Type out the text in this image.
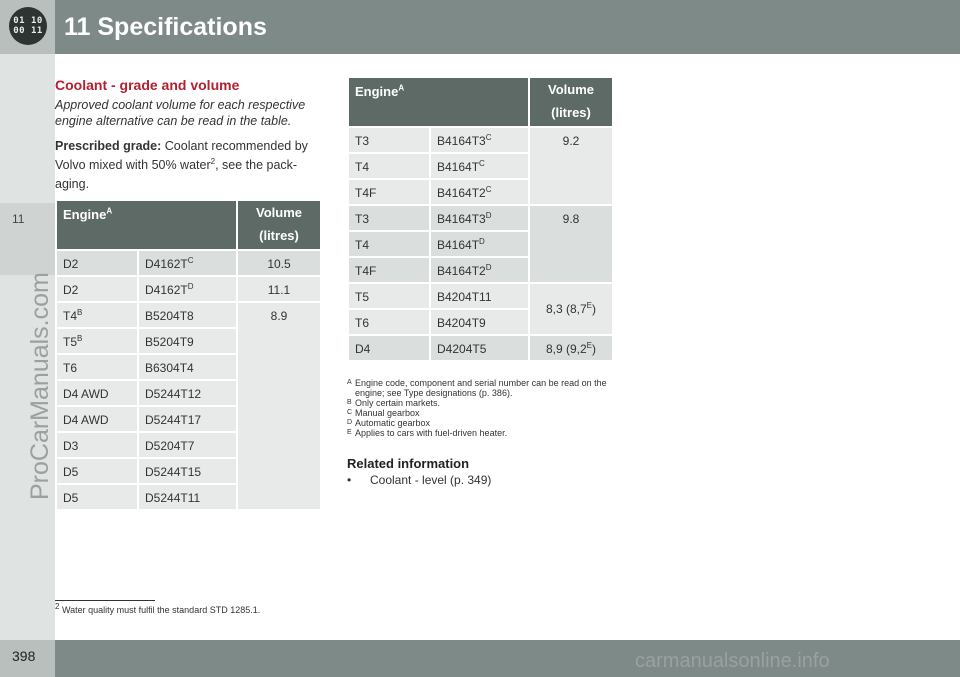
01 10
00 11 11 Specifications
11
ProCarManuals.com
Coolant - grade and volume
Approved coolant volume for each respective engine alternative can be read in the table.
Prescribed grade: Coolant recommended by Volvo mixed with 50% water$^2$, see the pack-aging.
Engine$^A$		Volume (litres)
D2	$D4162T^C$	10.5
D2	$D4162T^D$	11.1
$T4^B$	B5204T8	8.9
$T5^B$	B5204T9	
T6	B6304T4	
D4 AWD	D5244T12	
D4 AWD	D5244T17	
D3	D5204T7	
D5	D5244T15	
D5	D5244T11	
Engine$^A$		Volume (litres)
T3	$B4164T3^C$	9.2
T4	$B4164T^C$
T4F	$B4164T2^C$
T3	$B4164T3^D$	9.8
T4	$B4164T^D$
T4F	$B4164T2^D$
T5	B4204T11	8,3 $(8,7^E)$
T6	B4204T9	
D4	D4204T5	8,9 $(9,2^E)$
A Engine code, component and serial number can be read on the engine; see Type designations (p. 386).
B Only certain markets.
C Manual gearbox
D Automatic gearbox
E Applies to cars with fuel-driven heater.
Related information
• Coolant - level (p. 349)
$^2$ Water quality must fulfil the standard STD 1285.1.
398	carmanualsonline.info
